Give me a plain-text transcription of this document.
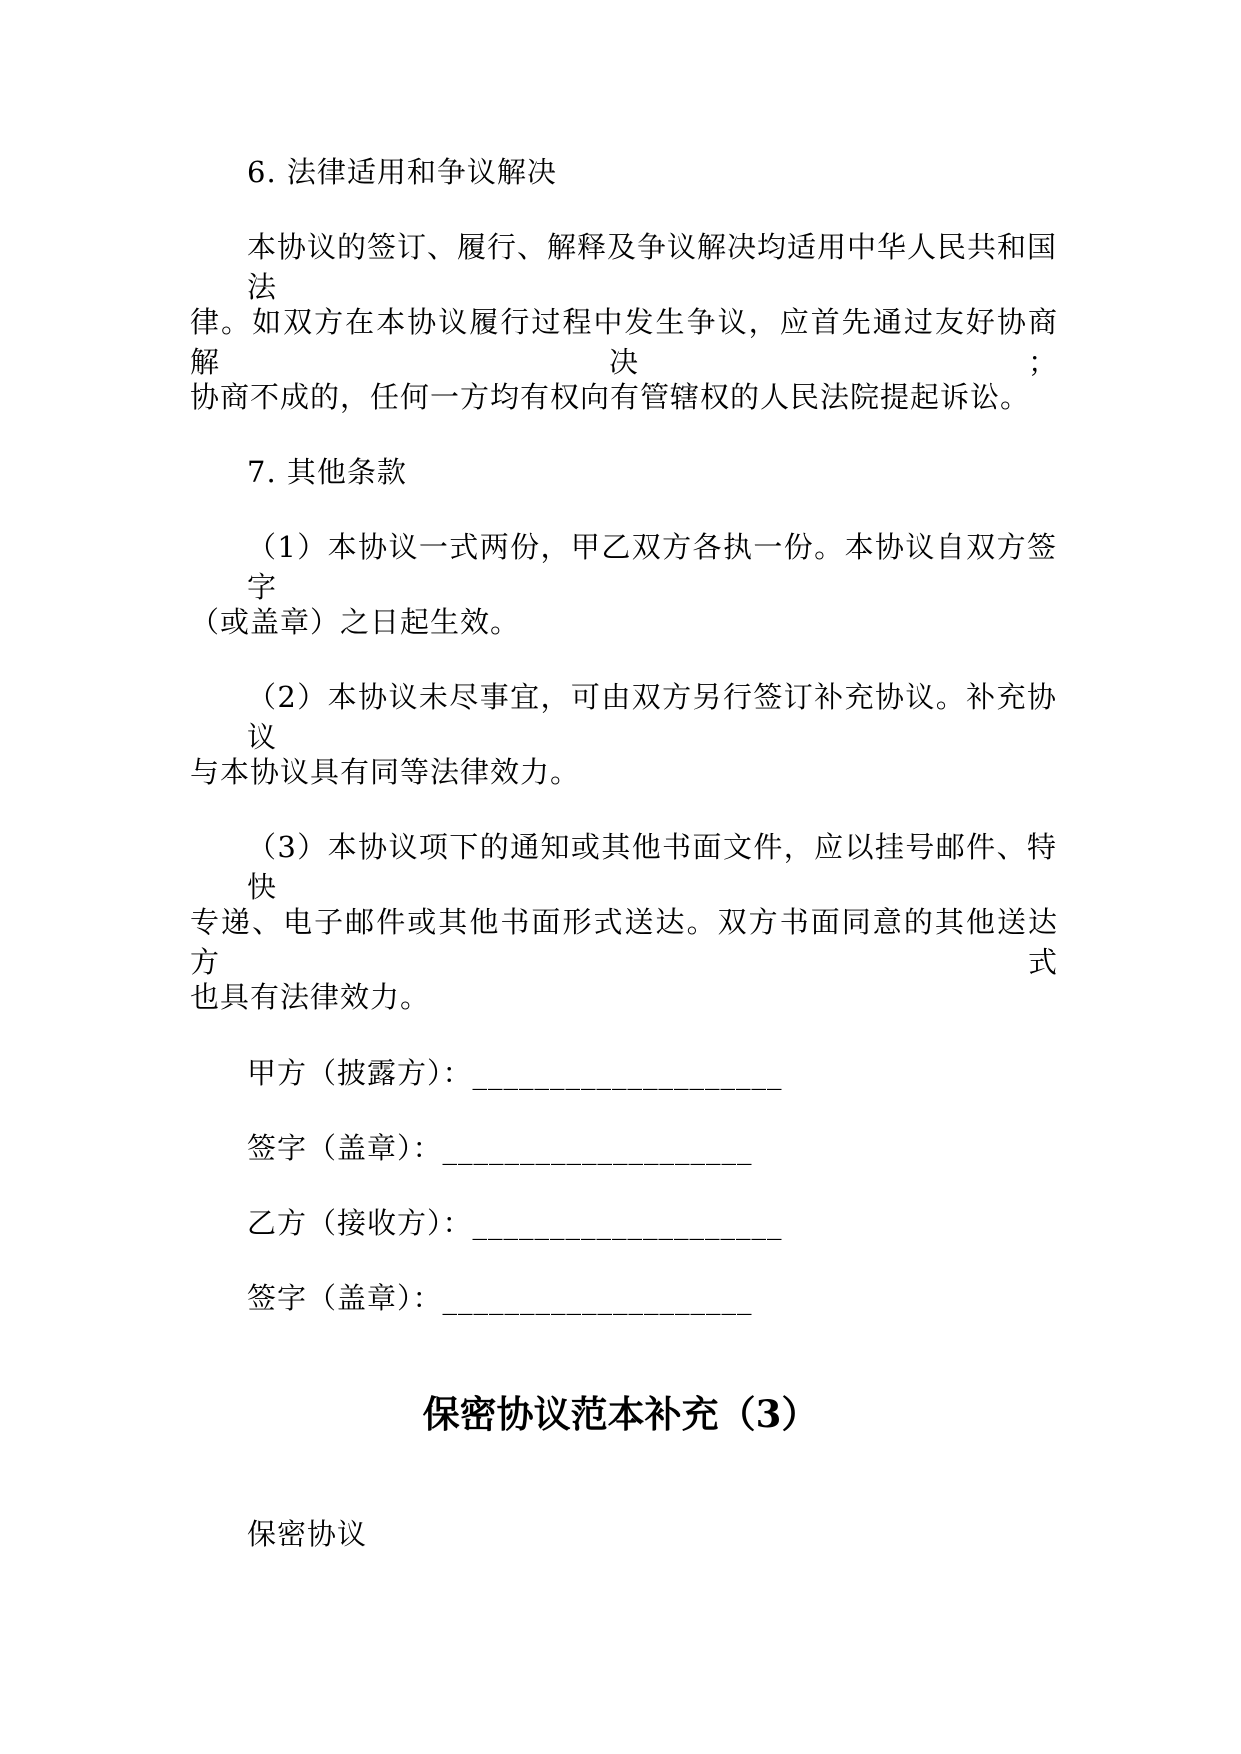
6. 法律适用和争议解决
本协议的签订、履行、解释及争议解决均适用中华人民共和国法
律。如双方在本协议履行过程中发生争议，应首先通过友好协商解决；
协商不成的，任何一方均有权向有管辖权的人民法院提起诉讼。
7. 其他条款
（1）本协议一式两份，甲乙双方各执一份。本协议自双方签字
（或盖章）之日起生效。
（2）本协议未尽事宜，可由双方另行签订补充协议。补充协议
与本协议具有同等法律效力。
（3）本协议项下的通知或其他书面文件，应以挂号邮件、特快
专递、电子邮件或其他书面形式送达。双方书面同意的其他送达方式
也具有法律效力。
甲方（披露方）：____________________
签字（盖章）：____________________
乙方（接收方）：____________________
签字（盖章）：____________________
保密协议范本补充（3）
保密协议
